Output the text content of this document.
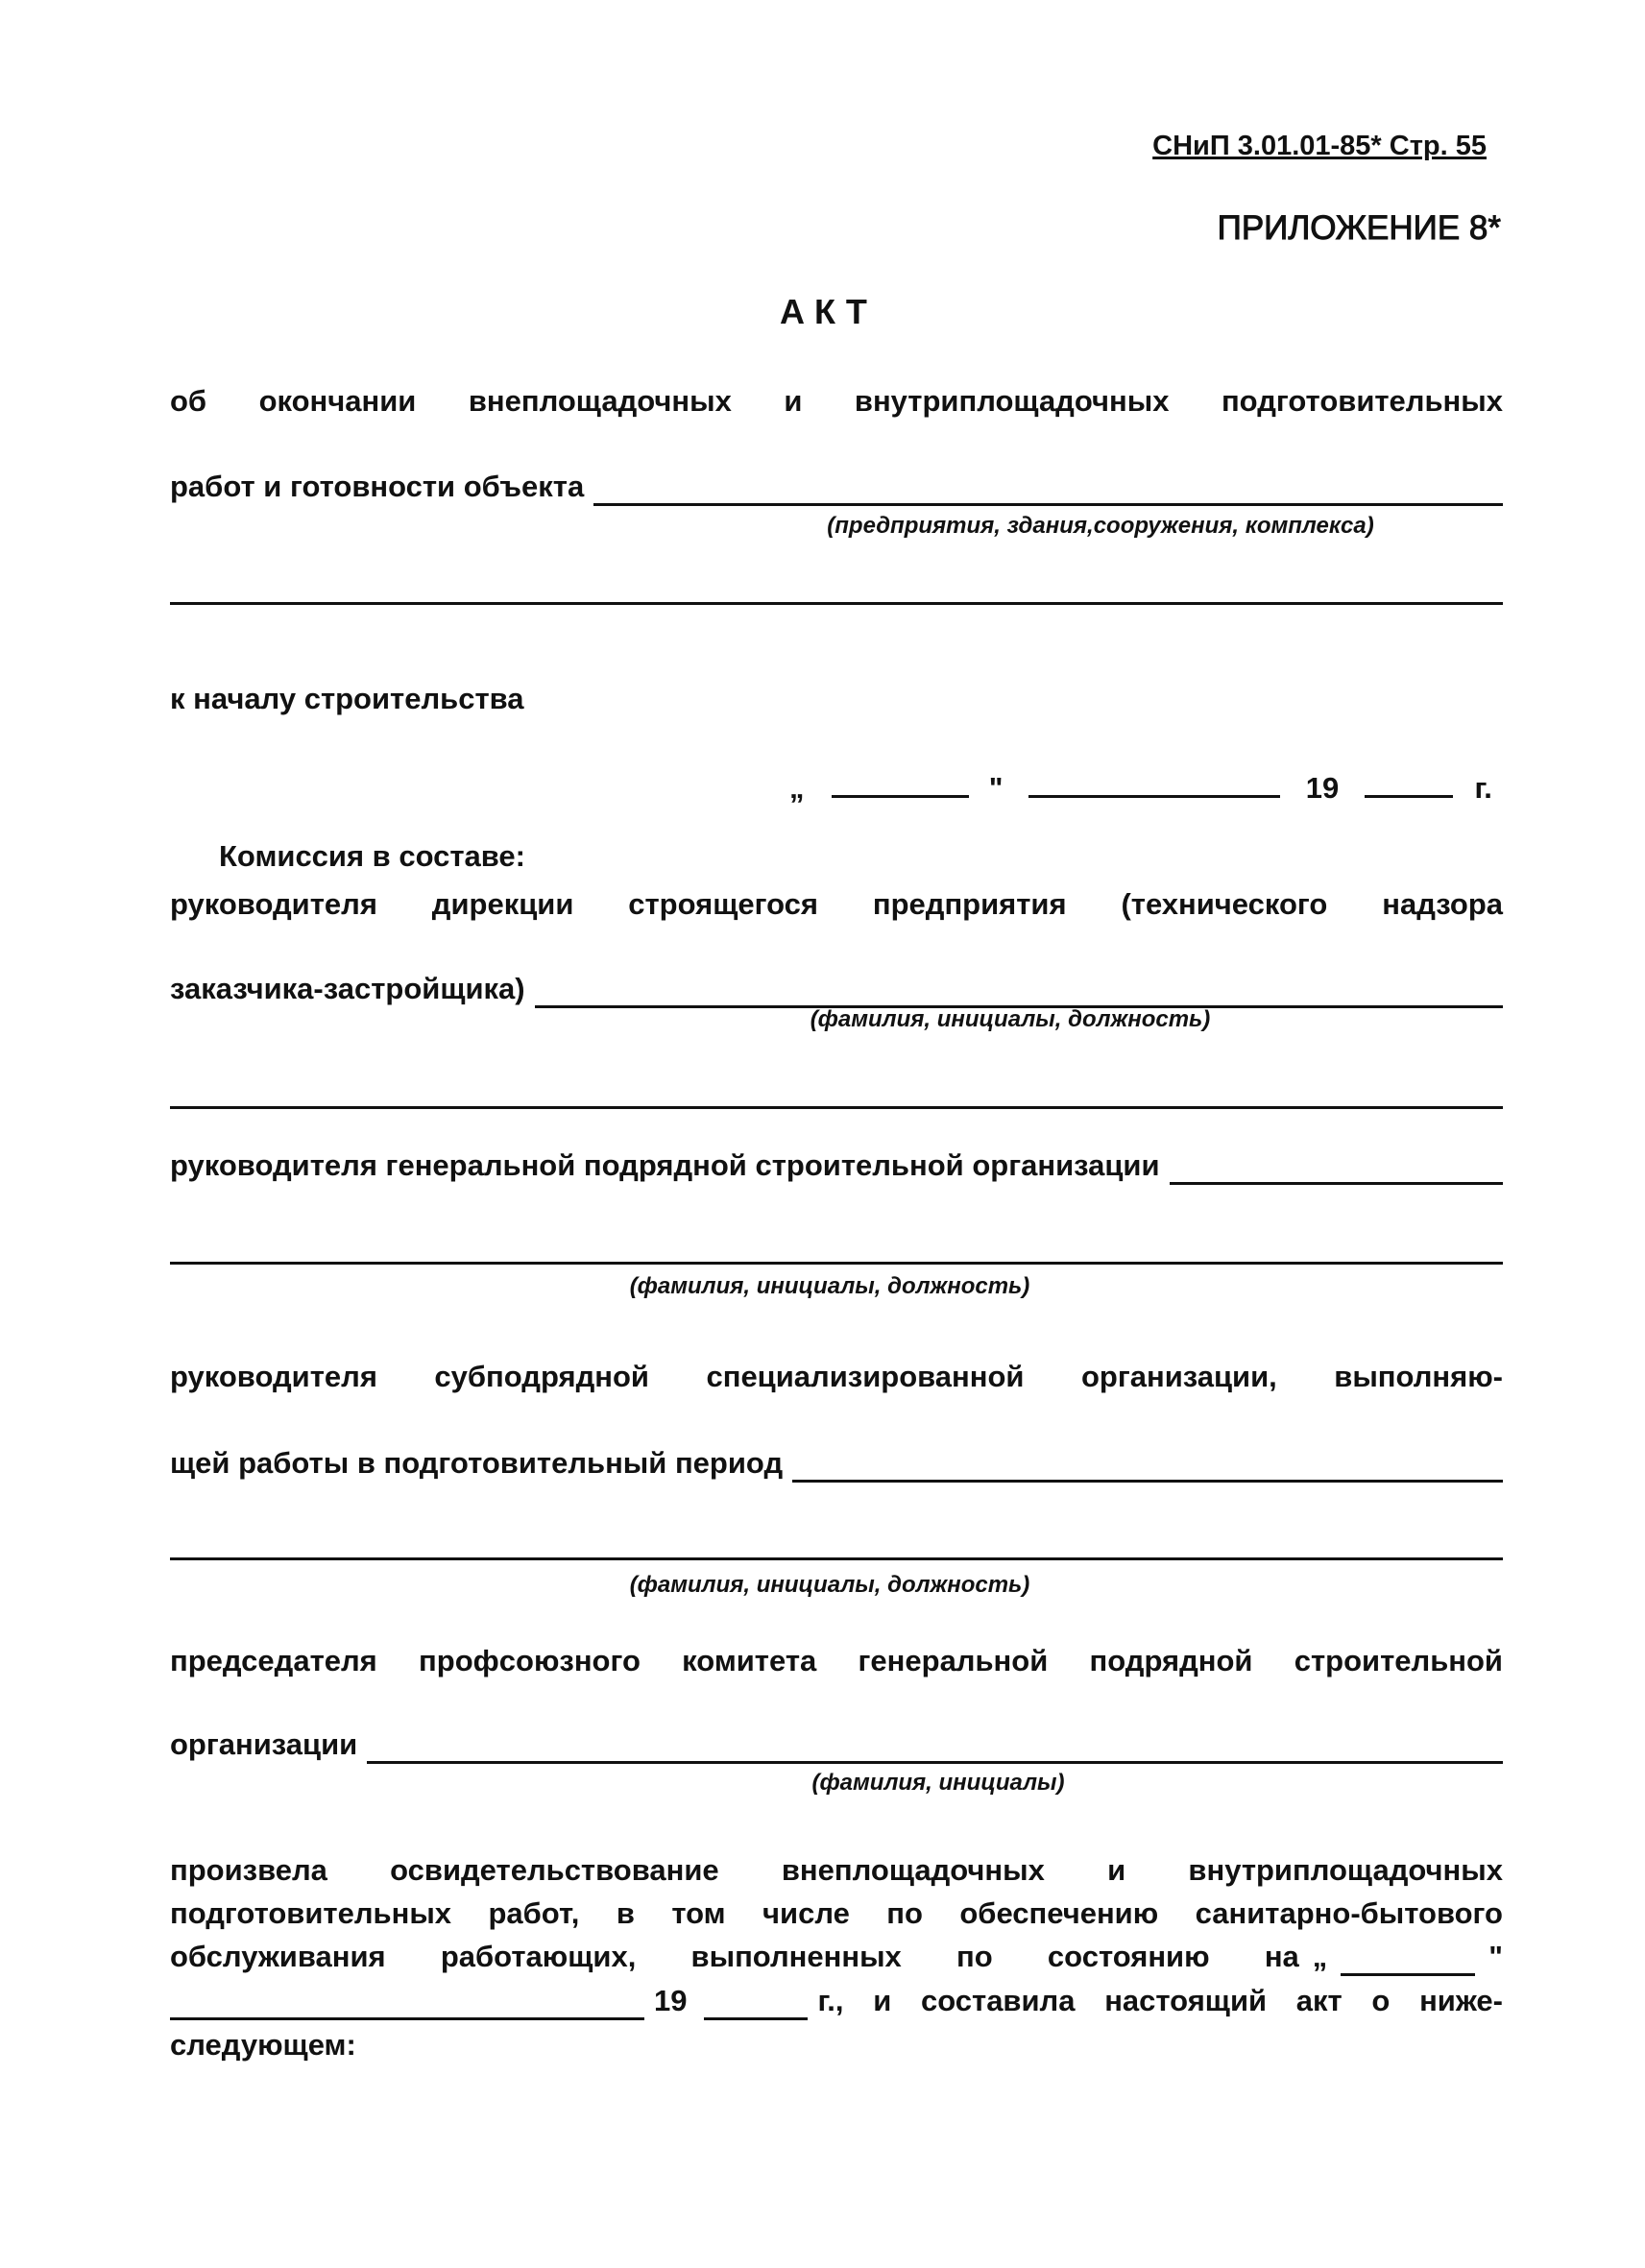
СНиП 3.01.01-85* Стр. 55
ПРИЛОЖЕНИЕ 8*
АКТ
об окончании внеплощадочных и внутриплощадочных подготовительных
работ и готовности объекта
(предприятия, здания,сооружения, комплекса)
к началу строительства
„	"	19	г.
Комиссия в составе:
руководителя дирекции строящегося предприятия (технического надзора
заказчика-застройщика)
(фамилия, инициалы, должность)
руководителя генеральной подрядной строительной организации
(фамилия, инициалы, должность)
руководителя субподрядной специализированной организации, выполняю-
щей работы в подготовительный период
(фамилия, инициалы, должность)
председателя профсоюзного комитета генеральной подрядной строительной
организации
(фамилия, инициалы)
произвела освидетельствование внеплощадочных и внутриплощадочных
подготовительных работ, в том числе по обеспечению санитарно-бытового
обслуживания работающих, выполненных по состоянию на „	"
19	г., и составила настоящий акт о ниже-
следующем:
